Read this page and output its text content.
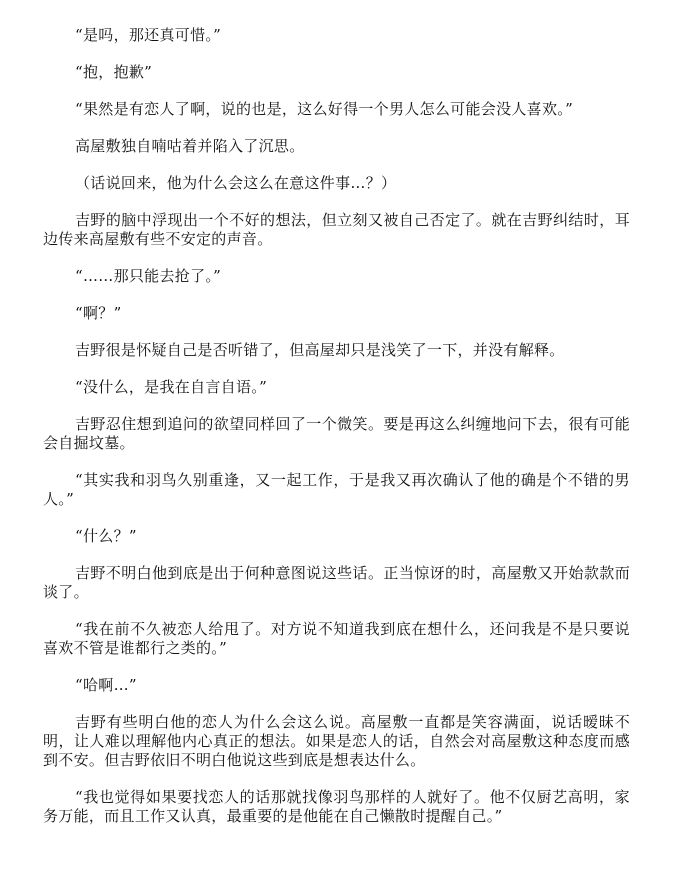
“是吗，那还真可惜。”

“抱，抱歉”

“果然是有恋人了啊，说的也是，这么好得一个男人怎么可能会没人喜欢。”

高屋敷独自喃咕着并陷入了沉思。

（话说回来，他为什么会这么在意这件事…？）

吉野的脑中浮现出一个不好的想法，但立刻又被自己否定了。就在吉野纠结时，耳边传来高屋敷有些不安定的声音。

“……那只能去抢了。”

“啊？”

吉野很是怀疑自己是否听错了，但高屋却只是浅笑了一下，并没有解释。

“没什么，是我在自言自语。”

吉野忍住想到追问的欲望同样回了一个微笑。要是再这么纠缠地问下去，很有可能会自掘坟墓。

“其实我和羽鸟久别重逢，又一起工作，于是我又再次确认了他的确是个不错的男人。”

“什么？”

吉野不明白他到底是出于何种意图说这些话。正当惊讶的时，高屋敷又开始款款而谈了。

“我在前不久被恋人给甩了。对方说不知道我到底在想什么，还问我是不是只要说喜欢不管是谁都行之类的。”

“哈啊…”

吉野有些明白他的恋人为什么会这么说。高屋敷一直都是笑容满面，说话暧昧不明，让人难以理解他内心真正的想法。如果是恋人的话，自然会对高屋敷这种态度而感到不安。但吉野依旧不明白他说这些到底是想表达什么。

“我也觉得如果要找恋人的话那就找像羽鸟那样的人就好了。他不仅厨艺高明，家务万能，而且工作又认真，最重要的是他能在自己懒散时提醒自己。”
